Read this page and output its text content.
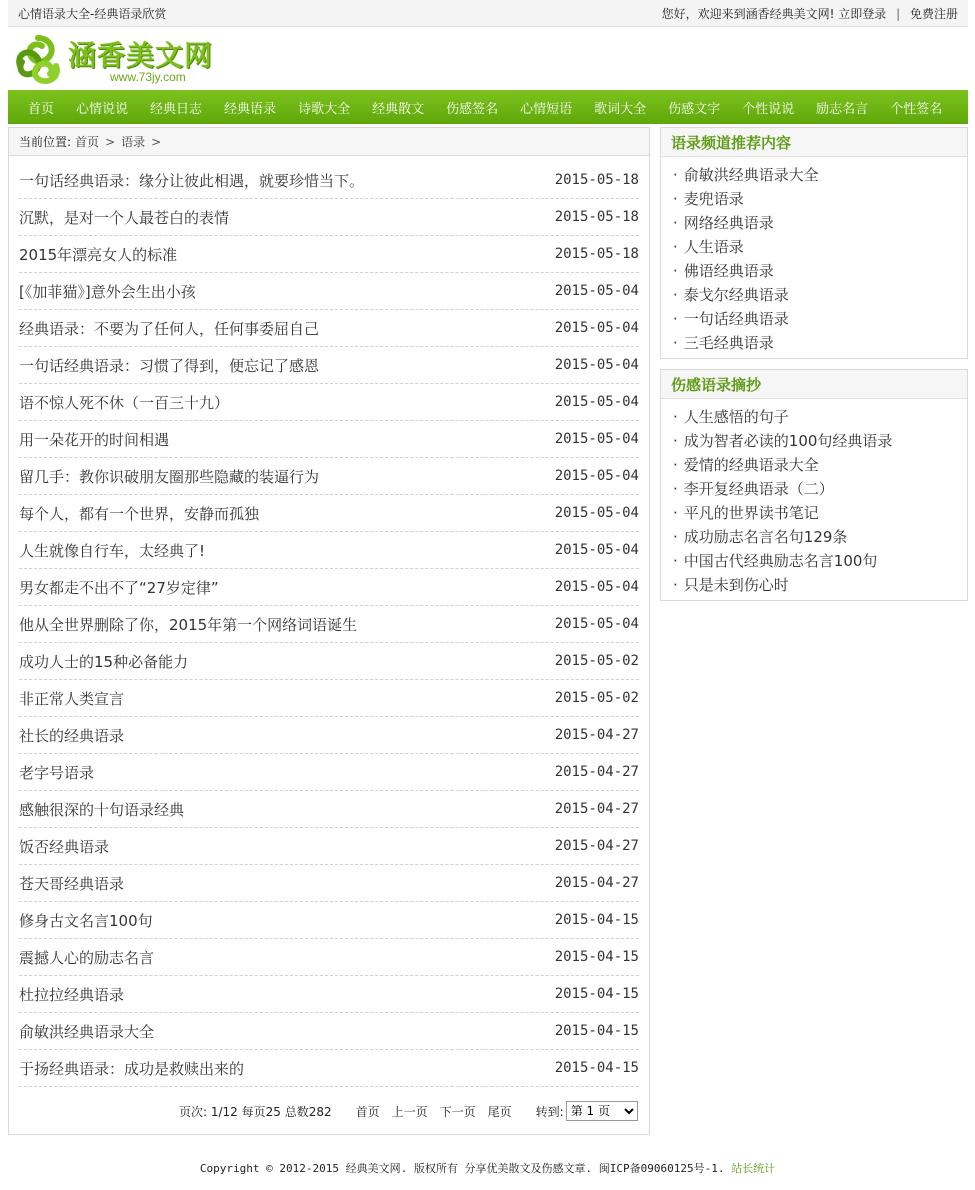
心情语录大全-经典语录欣赏	您好，欢迎来到涵香经典美文网! 立即登录 | 免费注册
涵香美文网
www.73jy.com
首页 心情说说 经典日志 经典语录 诗歌大全 经典散文 伤感签名 心情短语 歌词大全 伤感文字 个性说说 励志名言 个性签名
当前位置: 首页 > 语录 >
一句话经典语录：缘分让彼此相遇，就要珍惜当下。	2015-05-18
沉默，是对一个人最苍白的表情	2015-05-18
2015年漂亮女人的标准	2015-05-18
[《加菲猫》]意外会生出小孩	2015-05-04
经典语录：不要为了任何人，任何事委屈自己	2015-05-04
一句话经典语录：习惯了得到，便忘记了感恩	2015-05-04
语不惊人死不休（一百三十九）	2015-05-04
用一朵花开的时间相遇	2015-05-04
留几手：教你识破朋友圈那些隐藏的装逼行为	2015-05-04
每个人，都有一个世界，安静而孤独	2015-05-04
人生就像自行车，太经典了!	2015-05-04
男女都走不出不了“27岁定律”	2015-05-04
他从全世界删除了你，2015年第一个网络词语诞生	2015-05-04
成功人士的15种必备能力	2015-05-02
非正常人类宣言	2015-05-02
社长的经典语录	2015-04-27
老字号语录	2015-04-27
感触很深的十句语录经典	2015-04-27
饭否经典语录	2015-04-27
苍天哥经典语录	2015-04-27
修身古文名言100句	2015-04-15
震撼人心的励志名言	2015-04-15
杜拉拉经典语录	2015-04-15
俞敏洪经典语录大全	2015-04-15
于扬经典语录：成功是救赎出来的	2015-04-15
页次: 1/12 每页25 总数282 首页 上一页 下一页 尾页 转到:
第 1 页
语录频道推荐内容
· 俞敏洪经典语录大全
· 麦兜语录
· 网络经典语录
· 人生语录
· 佛语经典语录
· 泰戈尔经典语录
· 一句话经典语录
· 三毛经典语录
伤感语录摘抄
· 人生感悟的句子
· 成为智者必读的100句经典语录
· 爱情的经典语录大全
· 李开复经典语录（二）
· 平凡的世界读书笔记
· 成功励志名言名句129条
· 中国古代经典励志名言100句
· 只是未到伤心时
Copyright © 2012-2015 经典美文网. 版权所有 分享优美散文及伤感文章. 闽ICP备09060125号-1. 站长统计
